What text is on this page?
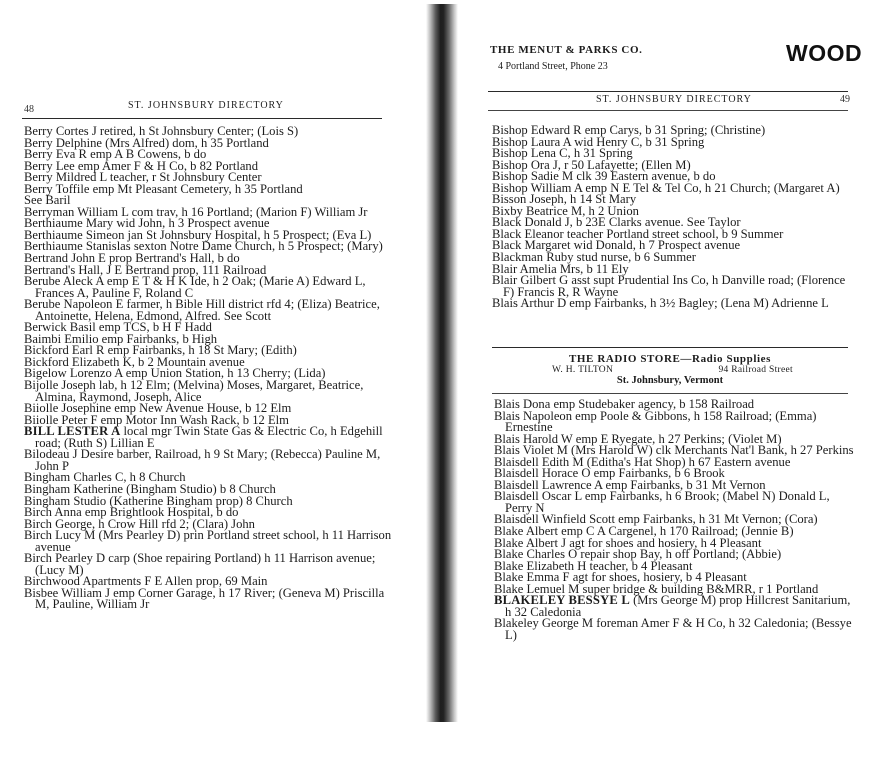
48	ST. JOHNSBURY DIRECTORY
Berry Cortes J retired, h St Johnsbury Center; (Lois S)
Berry Delphine (Mrs Alfred) dom, h 35 Portland
Berry Eva R emp A B Cowens, b do
Berry Lee emp Amer F & H Co, b 82 Portland
Berry Mildred L teacher, r St Johnsbury Center
Berry Toffile emp Mt Pleasant Cemetery, h 35 Portland
See Baril
Berryman William L com trav, h 16 Portland; (Marion F) William Jr
Berthiaume Mary wid John, h 3 Prospect avenue
Berthiaume Simeon jan St Johnsbury Hospital, h 5 Prospect; (Eva L)
Berthiaume Stanislas sexton Notre Dame Church, h 5 Prospect; (Mary)
Bertrand John E prop Bertrand's Hall, b do
Bertrand's Hall, J E Bertrand prop, 111 Railroad
Berube Aleck A emp E T & H K Ide, h 2 Oak; (Marie A) Edward L, Frances A, Pauline F, Roland C
Berube Napoleon E farmer, h Bible Hill district rfd 4; (Eliza) Beatrice, Antoinette, Helena, Edmond, Alfred. See Scott
Berwick Basil emp TCS, b H F Hadd
Baimbi Emilio emp Fairbanks, b High
Bickford Earl R emp Fairbanks, h 18 St Mary; (Edith)
Bickford Elizabeth K, b 2 Mountain avenue
Bigelow Lorenzo A emp Union Station, h 13 Cherry; (Lida)
Bijolle Joseph lab, h 12 Elm; (Melvina) Moses, Margaret, Beatrice, Almina, Raymond, Joseph, Alice
Biiolle Josephine emp New Avenue House, b 12 Elm
Biiolle Peter F emp Motor Inn Wash Rack, b 12 Elm
BILL LESTER A local mgr Twin State Gas & Electric Co, h Edgehill road; (Ruth S) Lillian E
Bilodeau J Desire barber, Railroad, h 9 St Mary; (Rebecca) Pauline M, John P
Bingham Charles C, h 8 Church
Bingham Katherine (Bingham Studio) b 8 Church
Bingham Studio (Katherine Bingham prop) 8 Church
Birch Anna emp Brightlook Hospital, b do
Birch George, h Crow Hill rfd 2; (Clara) John
Birch Lucy M (Mrs Pearley D) prin Portland street school, h 11 Harrison avenue
Birch Pearley D carp (Shoe repairing Portland) h 11 Harrison avenue; (Lucy M)
Birchwood Apartments F E Allen prop, 69 Main
Bisbee William J emp Corner Garage, h 17 River; (Geneva M) Priscilla M, Pauline, William Jr
THE MENUT & PARKS CO.
4 Portland Street, Phone 23
WOOD
ST. JOHNSBURY DIRECTORY	49
Bishop Edward R emp Carys, b 31 Spring; (Christine)
Bishop Laura A wid Henry C, b 31 Spring
Bishop Lena C, h 31 Spring
Bishop Ora J, r 50 Lafayette; (Ellen M)
Bishop Sadie M clk 39 Eastern avenue, b do
Bishop William A emp N E Tel & Tel Co, h 21 Church; (Margaret A)
Bisson Joseph, h 14 St Mary
Bixby Beatrice M, h 2 Union
Black Donald J, b 23E Clarks avenue. See Taylor
Black Eleanor teacher Portland street school, b 9 Summer
Black Margaret wid Donald, h 7 Prospect avenue
Blackman Ruby stud nurse, b 6 Summer
Blair Amelia Mrs, b 11 Ely
Blair Gilbert G asst supt Prudential Ins Co, h Danville road; (Florence F) Francis R, R Wayne
Blais Arthur D emp Fairbanks, h 3½ Bagley; (Lena M) Adrienne L
THE RADIO STORE—Radio Supplies
W. H. TILTON	94 Railroad Street
St. Johnsbury, Vermont
Blais Dona emp Studebaker agency, b 158 Railroad
Blais Napoleon emp Poole & Gibbons, h 158 Railroad; (Emma) Ernestine
Blais Harold W emp E Ryegate, h 27 Perkins; (Violet M)
Blais Violet M (Mrs Harold W) clk Merchants Nat'l Bank, h 27 Perkins
Blaisdell Edith M (Editha's Hat Shop) h 67 Eastern avenue
Blaisdell Horace O emp Fairbanks, b 6 Brook
Blaisdell Lawrence A emp Fairbanks, b 31 Mt Vernon
Blaisdell Oscar L emp Fairbanks, h 6 Brook; (Mabel N) Donald L, Perry N
Blaisdell Winfield Scott emp Fairbanks, h 31 Mt Vernon; (Cora)
Blake Albert emp C A Cargenel, h 170 Railroad; (Jennie B)
Blake Albert J agt for shoes and hosiery, h 4 Pleasant
Blake Charles O repair shop Bay, h off Portland; (Abbie)
Blake Elizabeth H teacher, b 4 Pleasant
Blake Emma F agt for shoes, hosiery, b 4 Pleasant
Blake Lemuel M super bridge & building B&MRR, r 1 Portland
BLAKELEY BESSYE L (Mrs George M) prop Hillcrest Sanitarium, h 32 Caledonia
Blakeley George M foreman Amer F & H Co, h 32 Caledonia; (Bessye L)
